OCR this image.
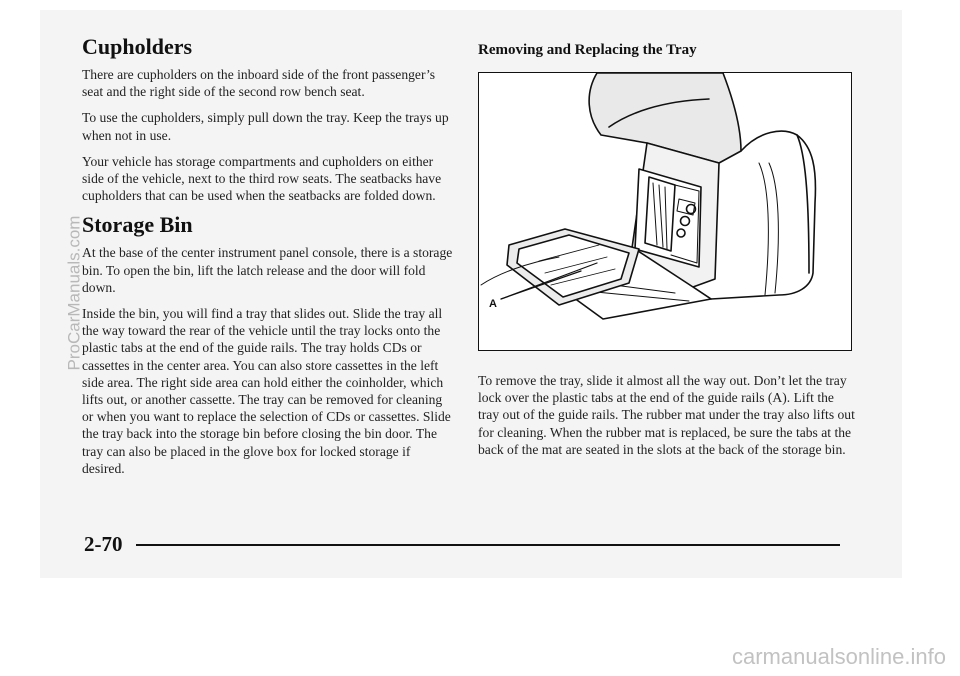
Cupholders

There are cupholders on the inboard side of the front passenger’s seat and the right side of the second row bench seat.

To use the cupholders, simply pull down the tray. Keep the trays up when not in use.

Your vehicle has storage compartments and cupholders on either side of the vehicle, next to the third row seats. The seatbacks have cupholders that can be used when the seatbacks are folded down.

Storage Bin

At the base of the center instrument panel console, there is a storage bin. To open the bin, lift the latch release and the door will fold down.

Inside the bin, you will find a tray that slides out. Slide the tray all the way toward the rear of the vehicle until the tray locks onto the plastic tabs at the end of the guide rails. The tray holds CDs or cassettes in the center area. You can also store cassettes in the left side area. The right side area can hold either the coinholder, which lifts out, or another cassette. The tray can be removed for cleaning or when you want to replace the selection of CDs or cassettes. Slide the tray back into the storage bin before closing the bin door. The tray can also be placed in the glove box for locked storage if desired.

Removing and Replacing the Tray
A

To remove the tray, slide it almost all the way out. Don’t let the tray lock over the plastic tabs at the end of the guide rails (A). Lift the tray out of the guide rails. The rubber mat under the tray also lifts out for cleaning. When the rubber mat is replaced, be sure the tabs at the back of the mat are seated in the slots at the back of the storage bin.

2-70
ProCarManuals.com
carmanualsonline.info
